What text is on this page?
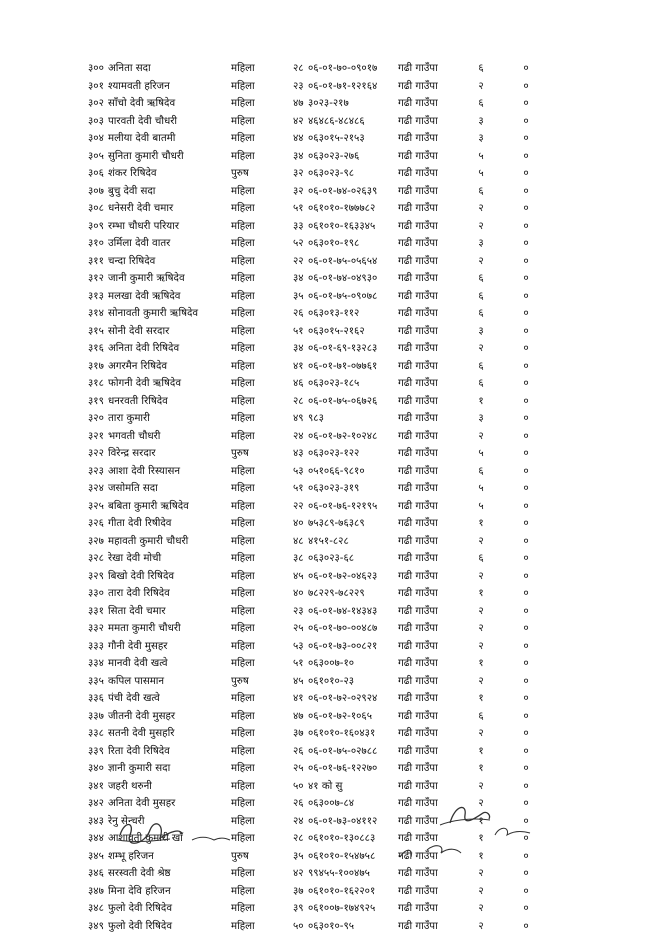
३०० अनिता सदा	महिला	२८ ०६-०१-७०-०९०१७	गढी गाउँपा	६	०
३०१ श्यामवती हरिजन	महिला	२३ ०६-०१-७१-१२१६४	गढी गाउँपा	२	०
३०२ साँचो देवी ऋषिदेव	महिला	४७ ३०२३-२१७	गढी गाउँपा	६	०
३०३ पारवती देवी चौधरी	महिला	४२ ४६४८६-४८४८६	गढी गाउँपा	३	०
३०४ मलीया देवी बातमी	महिला	४४ ०६३०१५-२१५३	गढी गाउँपा	३	०
३०५ सुनिता कुमारी चौधरी	महिला	३४ ०६३०२३-२७६	गढी गाउँपा	५	०
३०६ शंकर रिषिदेव	पुरुष	३२ ०६३०२३-९८	गढी गाउँपा	५	०
३०७ बुचु देवी सदा	महिला	३२ ०६-०१-७४-०२६३९	गढी गाउँपा	६	०
३०८ धनेसरी देवी चमार	महिला	५१ ०६१०१०-१७७७८२	गढी गाउँपा	२	०
३०९ रम्भा चौधरी परियार	महिला	३३ ०६१०१०-१६३३४५	गढी गाउँपा	२	०
३१० उर्मिला देवी वातर	महिला	५२ ०६३०१०-१९८	गढी गाउँपा	३	०
३११ चन्दा रिषिदेव	महिला	२२ ०६-०१-७५-०५६५४	गढी गाउँपा	२	०
३१२ जानी कुमारी ऋषिदेव	महिला	३४ ०६-०१-७४-०४९३०	गढी गाउँपा	६	०
३१३ मलखा देवी ऋषिदेव	महिला	३५ ०६-०१-७५-०९०७८	गढी गाउँपा	६	०
३१४ सोनावती कुमारी ऋषिदेव	महिला	२६ ०६३०१३-११२	गढी गाउँपा	६	०
३१५ सोनी देवी सरदार	महिला	५१ ०६३०१५-२१६२	गढी गाउँपा	३	०
३१६ अनिता देवी रिषिदेव	महिला	३४ ०६-०१-६९-१३२८३	गढी गाउँपा	२	०
३१७ अगरमैन रिषिदेव	महिला	४१ ०६-०१-७१-०७७६१	गढी गाउँपा	६	०
३१८ फोगनी देवी ऋषिदेव	महिला	४६ ०६३०२३-१८५	गढी गाउँपा	६	०
३१९ धनरवती रिषिदेव	महिला	२८ ०६-०१-७५-०६७२६	गढी गाउँपा	१	०
३२० तारा कुमारी	महिला	४९ ९८३	गढी गाउँपा	३	०
३२१ भगवती चौधरी	महिला	२४ ०६-०१-७२-१०२४८	गढी गाउँपा	२	०
३२२ विरेन्द्र सरदार	पुरुष	४३ ०६३०२३-१२२	गढी गाउँपा	५	०
३२३ आशा देवी रिस्यासन	महिला	५३ ०५१०६६-९८१०	गढी गाउँपा	६	०
३२४ जसोमति सदा	महिला	५१ ०६३०२३-३१९	गढी गाउँपा	५	०
३२५ बबिता कुमारी ऋषिदेव	महिला	२२ ०६-०१-७६-१२१९५	गढी गाउँपा	५	०
३२६ गीता देवी रिषीदेव	महिला	४० ७५३८९-७६३८९	गढी गाउँपा	१	०
३२७ महावती कुमारी चौधरी	महिला	४८ ४१५१-८२८	गढी गाउँपा	२	०
३२८ रेखा देवी मोची	महिला	३८ ०६३०२३-६८	गढी गाउँपा	६	०
३२९ बिखो देवी रिषिदेव	महिला	४५ ०६-०१-७२-०४६२३	गढी गाउँपा	२	०
३३० तारा देवी रिषिदेव	महिला	४० ७८२२९-७८२२९	गढी गाउँपा	१	०
३३१ सिता देवी चमार	महिला	२३ ०६-०१-७४-१४३४३	गढी गाउँपा	२	०
३३२ ममता कुमारी चौधरी	महिला	२५ ०६-०१-७०-००४८७	गढी गाउँपा	२	०
३३३ गौनी देवी मुसहर	महिला	५३ ०६-०१-७३-००८२१	गढी गाउँपा	२	०
३३४ मानवी देवी खत्वे	महिला	५१ ०६३००७-१०	गढी गाउँपा	१	०
३३५ कपिल पासमान	पुरुष	४५ ०६१०१०-२३	गढी गाउँपा	२	०
३३६ पंची देवी खत्वे	महिला	४१ ०६-०१-७२-०२९२४	गढी गाउँपा	१	०
३३७ जीतनी देवी मुसहर	महिला	४७ ०६-०१-७२-१०६५	गढी गाउँपा	६	०
३३८ सतनी देवी मुसहरि	महिला	३७ ०६१०१०-१६०४३१	गढी गाउँपा	२	०
३३९ रिता देवी रिषिदेव	महिला	२६ ०६-०१-७५-०२७८८	गढी गाउँपा	१	०
३४० ज्ञानी कुमारी सदा	महिला	२५ ०६-०१-७६-१२२७०	गढी गाउँपा	१	०
३४१ जहरी थरुनी	महिला	५० ४१ को सु	गढी गाउँपा	२	०
३४२ अनिता देवी मुसहर	महिला	२६ ०६३००७-८४	गढी गाउँपा	२	०
३४३ रेनु सेन्चरी	महिला	२४ ०६-०१-७३-०४११२	गढी गाउँपा	१	०
३४४ आशावती कुमारी खाँ	महिला	२८ ०६१०१०-१३०८८३	गढी गाउँपा	१	०
३४५ शम्भू हरिजन	पुरुष	३५ ०६१०१०-१५४७५८	गढी गाउँपा	१	०
३४६ सरस्वती देवी श्रेष्ठ	महिला	४२ ९९४५५-१००४७५	गढी गाउँपा	२	०
३४७ मिना देवि हरिजन	महिला	३७ ०६१०१०-१६२२०१	गढी गाउँपा	२	०
३४८ फुलो देवी रिषिदेव	महिला	३९ ०६१००७-१७४९२५	गढी गाउँपा	२	०
३४९ फुलो देवी रिषिदेव	महिला	५० ०६३०१०-९५	गढी गाउँपा	२	०
